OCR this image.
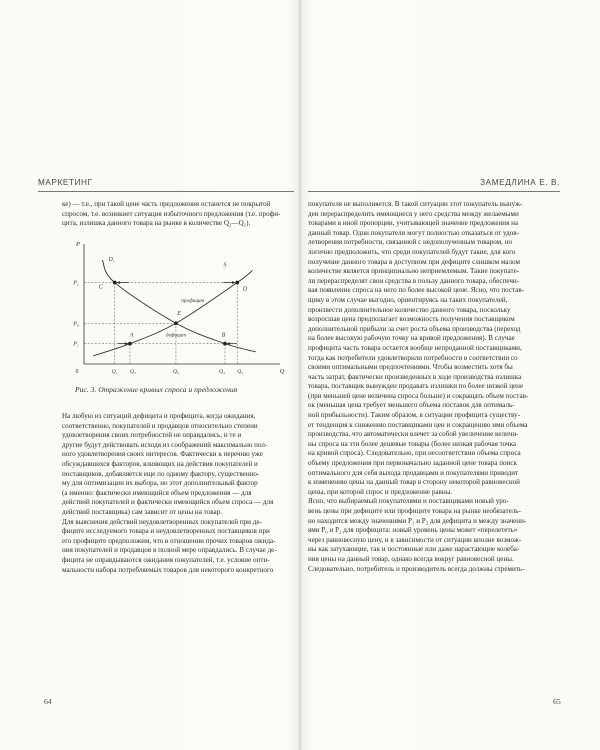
МАРКЕТИНГ
ке) — т.е., при такой цене часть предложения останется не покрытой
спросом, т.е. возникнет ситуация избыточного предложения (т.е. профи-
цита, излишка данного товара на рынке в количестве Q₂—Q₁).
P
Q
0
P₂
P₀
P₁
Q₁ Q₃	Q₀	Q₄ Q₂
D₁
C
S
D
A	B
E
профицит
дефицит
Рис. 3. Отражение кривых спроса и предложения
На любую из ситуаций дефицита и профицита, когда ожидания,
соответственно, покупателей и продавцов относительно степени
удовлетворения своих потребностей не оправдались, и те и
другие будут действовать исходя из соображений максимально пол-
ного удовлетворения своих интересов. Фактически к перечню уже
обсуждавшихся факторов, влияющих на действия покупателей и
поставщиков, добавляется еще по одному фактору, существенно-
му для оптимизации их выбора, но этот дополнительный фактор
(а именно: фактически имеющийся объем предложения — для
действий покупателей и фактически имеющийся объем спроса — для
действий поставщика) сам зависит от цены на товар.
Для выяснения действий неудовлетворенных покупателей при де-
фиците исследуемого товара и неудовлетворенных поставщиков при
его профиците предположим, что в отношении прочих товаров ожида-
ния покупателей и продавцов в полной мере оправдались. В случае де-
фицита не оправдываются ожидания покупателей, т.е. условие опти-
мальности набора потребляемых товаров для некоторого конкретного
64
ЗАМЕДЛИНА Е. В.
покупателя не выполняется. В такой ситуации этот покупатель вынуж-
ден перераспределить имеющиеся у него средства между желаемыми
товарами в иной пропорции, учитывающей значение предложения на
данный товар. Одни покупатели могут полностью отказаться от удов-
летворения потребности, связанной с недополученным товаром, но
логично предположить, что среди покупателей будут такие, для кого
получение данного товара в доступном при дефиците слишком малом
количестве является принципиально неприемлемым. Такие покупате-
ли перераспределят свои средства в пользу данного товара, обеспечи-
вая появление спроса на него по более высокой цене. Ясно, что постав-
щику в этом случае выгодно, ориентируясь на таких покупателей,
произвести дополнительное количество данного товара, поскольку
возросшая цена предполагает возможность получения поставщиком
дополнительной прибыли за счет роста объема производства (переход
на более высокую рабочую точку на кривой предложения). В случае
профицита часть товара остается вообще непроданной поставщиками,
тогда как потребители удовлетворили потребности в соответствии со
своими оптимальными предпочтениями. Чтобы возместить хотя бы
часть затрат, фактически произведенных в ходе производства излишка
товара, поставщик вынужден продавать излишки по более низкой цене
(при меньшей цене величина спроса больше) и сокращать объем постав-
ок (меньшая цена требует меньшего объема поставок для оптималь-
ной прибыльности). Таким образом, в ситуации профицита существу-
ет тенденция к снижению поставщиками цен и сокращению ими объема
производства, что автоматически влечет за собой увеличение величи-
ны спроса на эти более дешевые товары (более низкая рабочая точка
на кривой спроса). Следовательно, при несоответствии объема спроса
объему предложения при первоначально заданной цене товара поиск
оптимального для себя выхода продавцами и покупателями приводит
к изменению цены на данный товар в сторону некоторой равновесной
цены, при которой спрос и предложение равны.
Ясно, что выбираемый покупателями и поставщиками новый уро-
вень цены при дефиците или профиците товара на рынке необязатель-
но находится между значениями P₁ и P₂ для дефицита и между значени-
ями P₀ и P₂ для профицита: новый уровень цены может «перелететь»
через равновесную цену, и в зависимости от ситуации вполне возмож-
ны как затухающие, так и постоянные или даже нарастающие колеба-
ния цены на данный товар, однако всегда вокруг равновесной цены.
Следовательно, потребитель и производитель всегда должны стремить-
65
